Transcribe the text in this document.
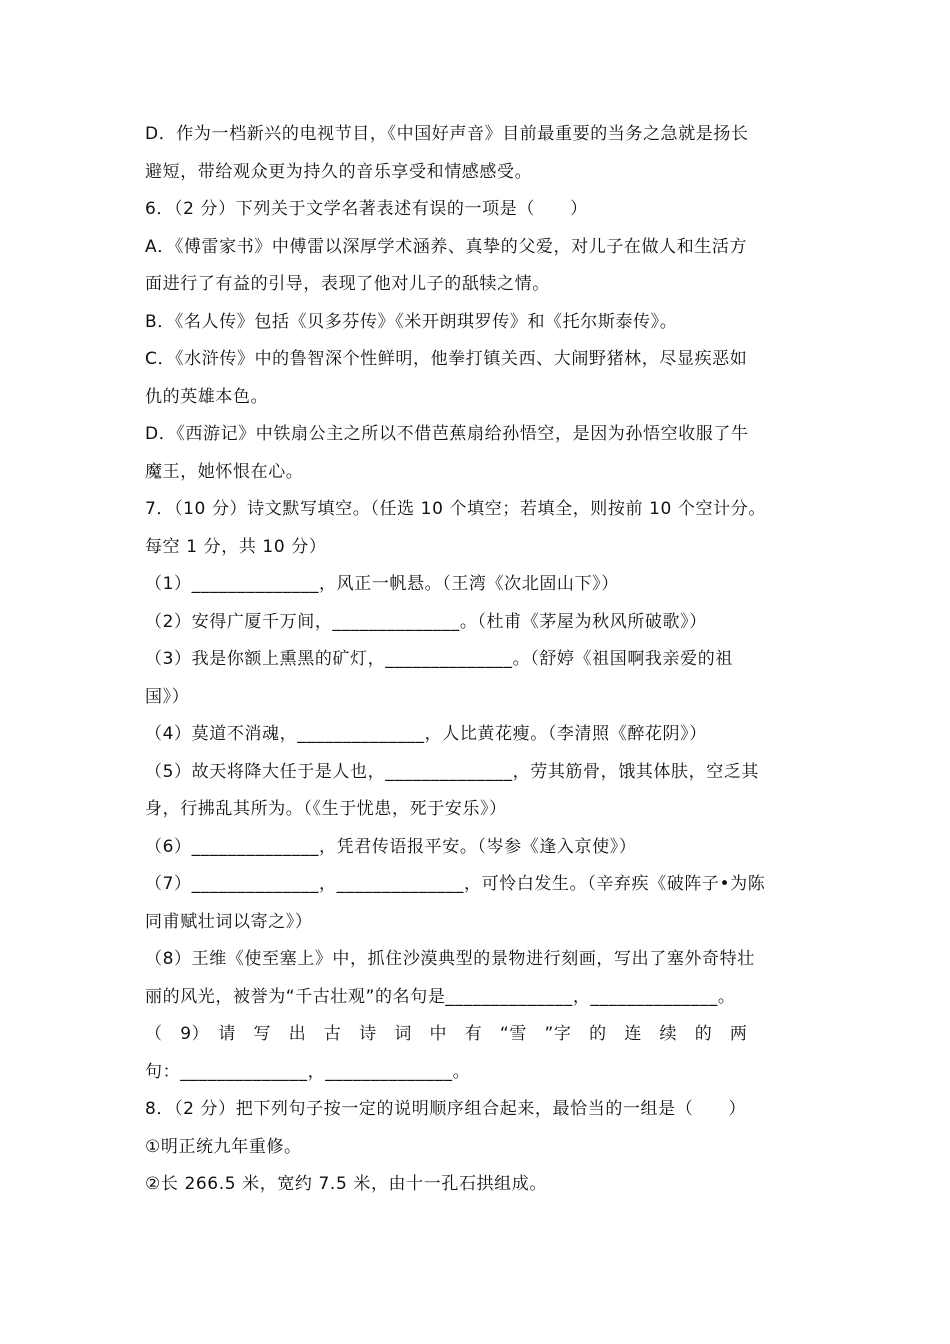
D．作为一档新兴的电视节目，《中国好声音》目前最重要的当务之急就是扬长
避短，带给观众更为持久的音乐享受和情感感受。
6．（2 分）下列关于文学名著表述有误的一项是（　　）
A．《傅雷家书》中傅雷以深厚学术涵养、真挚的父爱，对儿子在做人和生活方
面进行了有益的引导，表现了他对儿子的舐犊之情。
B．《名人传》包括《贝多芬传》《米开朗琪罗传》和《托尔斯泰传》。
C．《水浒传》中的鲁智深个性鲜明，他拳打镇关西、大闹野猪林，尽显疾恶如
仇的英雄本色。
D．《西游记》中铁扇公主之所以不借芭蕉扇给孙悟空，是因为孙悟空收服了牛
魔王，她怀恨在心。
7．（10 分）诗文默写填空。（任选 10 个填空；若填全，则按前 10 个空计分。
每空 1 分，共 10 分）
（1）______________，风正一帆悬。（王湾《次北固山下》）
（2）安得广厦千万间，______________。（杜甫《茅屋为秋风所破歌》）
（3）我是你额上熏黑的矿灯，______________。（舒婷《祖国啊我亲爱的祖
国》）
（4）莫道不消魂，______________，人比黄花瘦。（李清照《醉花阴》）
（5）故天将降大任于是人也，______________，劳其筋骨，饿其体肤，空乏其
身，行拂乱其所为。（《生于忧患，死于安乐》）
（6）______________，凭君传语报平安。（岑参《逢入京使》）
（7）______________，______________，可怜白发生。（辛弃疾《破阵子•为陈
同甫赋壮词以寄之》）
（8）王维《使至塞上》中，抓住沙漠典型的景物进行刻画，写出了塞外奇特壮
丽的风光，被誉为“千古壮观”的名句是______________，______________。
（　9）　请　写　出　古　诗　词　中　有　“雪　”字　的　连　续　的　两
句：______________，______________。
8．（2 分）把下列句子按一定的说明顺序组合起来，最恰当的一组是（　　）
①明正统九年重修。
②长 266.5 米，宽约 7.5 米，由十一孔石拱组成。
